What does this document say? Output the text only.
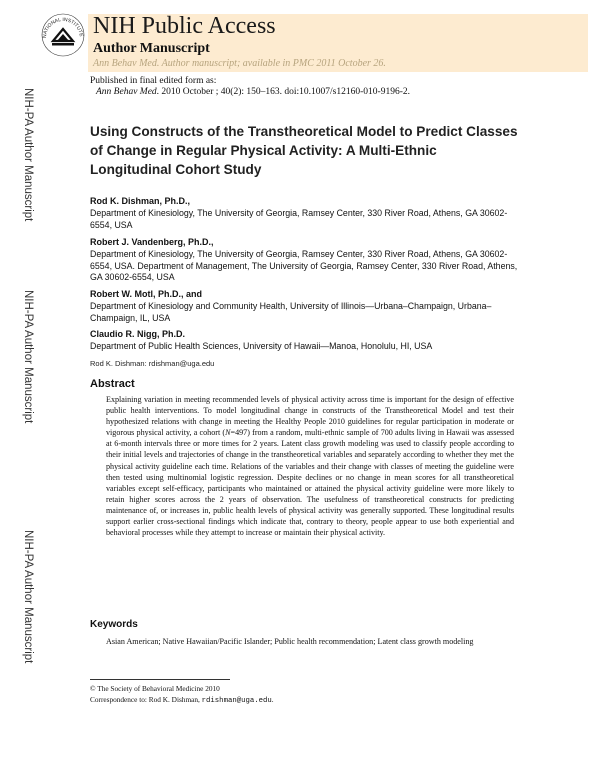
NATIONAL INSTITUTE NIH Public Access
Author Manuscript
Ann Behav Med. Author manuscript; available in PMC 2011 October 26.
Published in final edited form as:
Ann Behav Med. 2010 October ; 40(2): 150–163. doi:10.1007/s12160-010-9196-2.
NIH-PA Author Manuscript
NIH-PA Author Manuscript
NIH-PA Author Manuscript
Using Constructs of the Transtheoretical Model to Predict Classes of Change in Regular Physical Activity: A Multi-Ethnic Longitudinal Cohort Study
Rod K. Dishman, Ph.D.,
Department of Kinesiology, The University of Georgia, Ramsey Center, 330 River Road, Athens, GA 30602-6554, USA
Robert J. Vandenberg, Ph.D.,
Department of Kinesiology, The University of Georgia, Ramsey Center, 330 River Road, Athens, GA 30602-6554, USA. Department of Management, The University of Georgia, Ramsey Center, 330 River Road, Athens, GA 30602-6554, USA
Robert W. Motl, Ph.D., and
Department of Kinesiology and Community Health, University of Illinois—Urbana–Champaign, Urbana–Champaign, IL, USA
Claudio R. Nigg, Ph.D.
Department of Public Health Sciences, University of Hawaii—Manoa, Honolulu, HI, USA
Rod K. Dishman: rdishman@uga.edu
Abstract
Explaining variation in meeting recommended levels of physical activity across time is important for the design of effective public health interventions. To model longitudinal change in constructs of the Transtheoretical Model and test their hypothesized relations with change in meeting the Healthy People 2010 guidelines for regular participation in moderate or vigorous physical activity, a cohort (N=497) from a random, multi-ethnic sample of 700 adults living in Hawaii was assessed at 6-month intervals three or more times for 2 years. Latent class growth modeling was used to classify people according to their initial levels and trajectories of change in the transtheoretical variables and separately according to whether they met the physical activity guideline each time. Relations of the variables and their change with classes of meeting the guideline were then tested using multinomial logistic regression. Despite declines or no change in mean scores for all transtheoretical variables except self-efficacy, participants who maintained or attained the physical activity guideline were more likely to retain higher scores across the 2 years of observation. The usefulness of transtheoretical constructs for predicting maintenance of, or increases in, public health levels of physical activity was generally supported. These longitudinal results support earlier cross-sectional findings which indicate that, contrary to theory, people appear to use both experiential and behavioral processes while they attempt to increase or maintain their physical activity.
Keywords
Asian American; Native Hawaiian/Pacific Islander; Public health recommendation; Latent class growth modeling
© The Society of Behavioral Medicine 2010
Correspondence to: Rod K. Dishman, rdishman@uga.edu.
